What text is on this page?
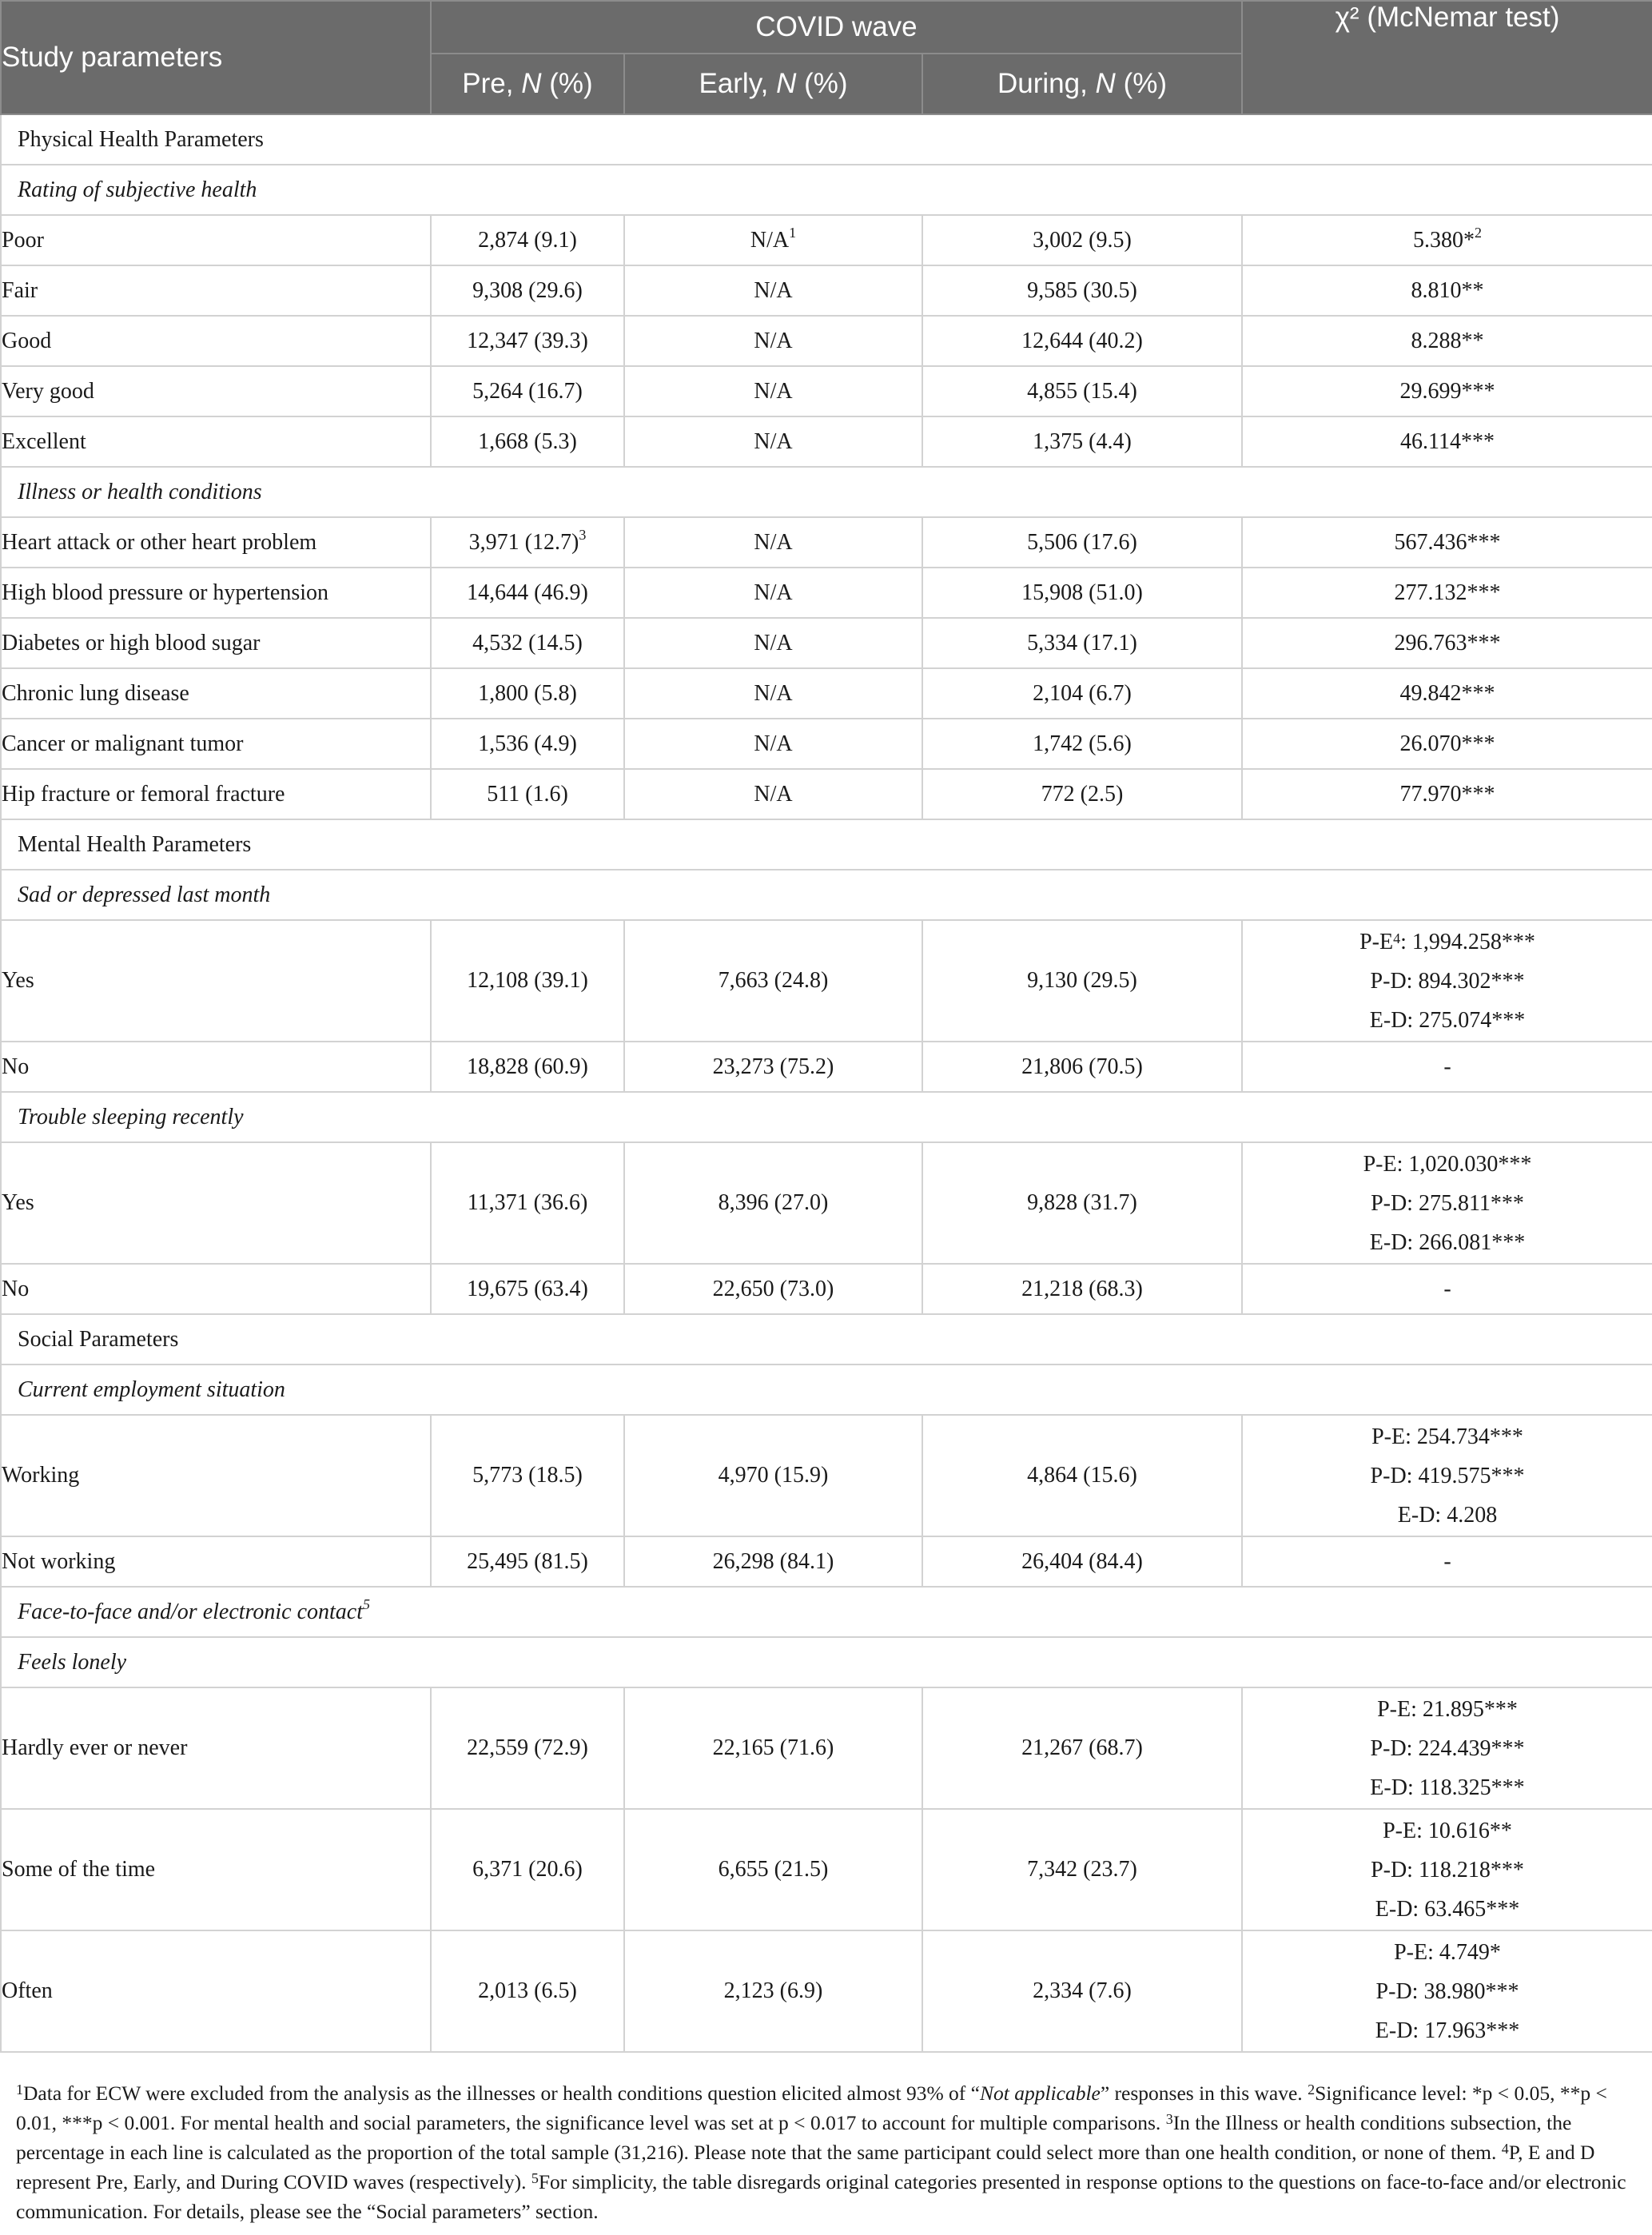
Study parameters	COVID wave			χ² (McNemar test)
	Pre, N (%)	Early, N (%)	During, N (%)	
Physical Health Parameters				
Rating of subjective health				
Poor	2,874 (9.1)	$N/A^1$	3,002 (9.5)	5.380*$^2$
Fair	9,308 (29.6)	N/A	9,585 (30.5)	8.810**
Good	12,347 (39.3)	N/A	12,644 (40.2)	8.288**
Very good	5,264 (16.7)	N/A	4,855 (15.4)	29.699***
Excellent	1,668 (5.3)	N/A	1,375 (4.4)	46.114***
Illness or health conditions				
Heart attack or other heart problem	3,971 $(12.7)^3$	N/A	5,506 (17.6)	567.436***
High blood pressure or hypertension	14,644 (46.9)	N/A	15,908 (51.0)	277.132***
Diabetes or high blood sugar	4,532 (14.5)	N/A	5,334 (17.1)	296.763***
Chronic lung disease	1,800 (5.8)	N/A	2,104 (6.7)	49.842***
Cancer or malignant tumor	1,536 (4.9)	N/A	1,742 (5.6)	26.070***
Hip fracture or femoral fracture	511 (1.6)	N/A	772 (2.5)	77.970***
Mental Health Parameters				
Sad or depressed last month				
Yes	12,108 (39.1)	7,663 (24.8)	9,130 (29.5)	$P-E^4$: 1,994.258***
P-D: 894.302***
E-D: 275.074***

No	18,828 (60.9)	23,273 (75.2)	21,806 (70.5)	-
Trouble sleeping recently				
Yes	11,371 (36.6)	8,396 (27.0)	9,828 (31.7)	P-E: 1,020.030***
P-D: 275.811***
E-D: 266.081***

No	19,675 (63.4)	22,650 (73.0)	21,218 (68.3)	-
Social Parameters				
Current employment situation				
Working	5,773 (18.5)	4,970 (15.9)	4,864 (15.6)	P-E: 254.734***
P-D: 419.575***
E-D: 4.208

Not working	25,495 (81.5)	26,298 (84.1)	26,404 (84.4)	-
Face-to-face and/or electronic contact$^5$
Feels lonely				
Hardly ever or never	22,559 (72.9)	22,165 (71.6)	21,267 (68.7)	P-E: 21.895***
P-D: 224.439***
E-D: 118.325***

Some of the time	6,371 (20.6)	6,655 (21.5)	7,342 (23.7)	P-E: 10.616**
P-D: 118.218***
E-D: 63.465***

Often	2,013 (6.5)	2,123 (6.9)	2,334 (7.6)	P-E: 4.749*
P-D: 38.980***
E-D: 17.963***
$^1$Data for ECW were excluded from the analysis as the illnesses or health conditions question elicited almost 93% of “Not applicable” responses in this wave. $^2$Significance level: *p < 0.05, **p < 0.01, ***p < 0.001. For mental health and social parameters, the significance level was set at p < 0.017 to account for multiple comparisons. $^3$In the Illness or health conditions subsection, the percentage in each line is calculated as the proportion of the total sample (31,216). Please note that the same participant could select more than one health condition, or none of them. $^4$P, E and D represent Pre, Early, and During COVID waves (respectively). $^5$For simplicity, the table disregards original categories presented in response options to the questions on face-to-face and/or electronic communication. For details, please see the “Social parameters” section.
